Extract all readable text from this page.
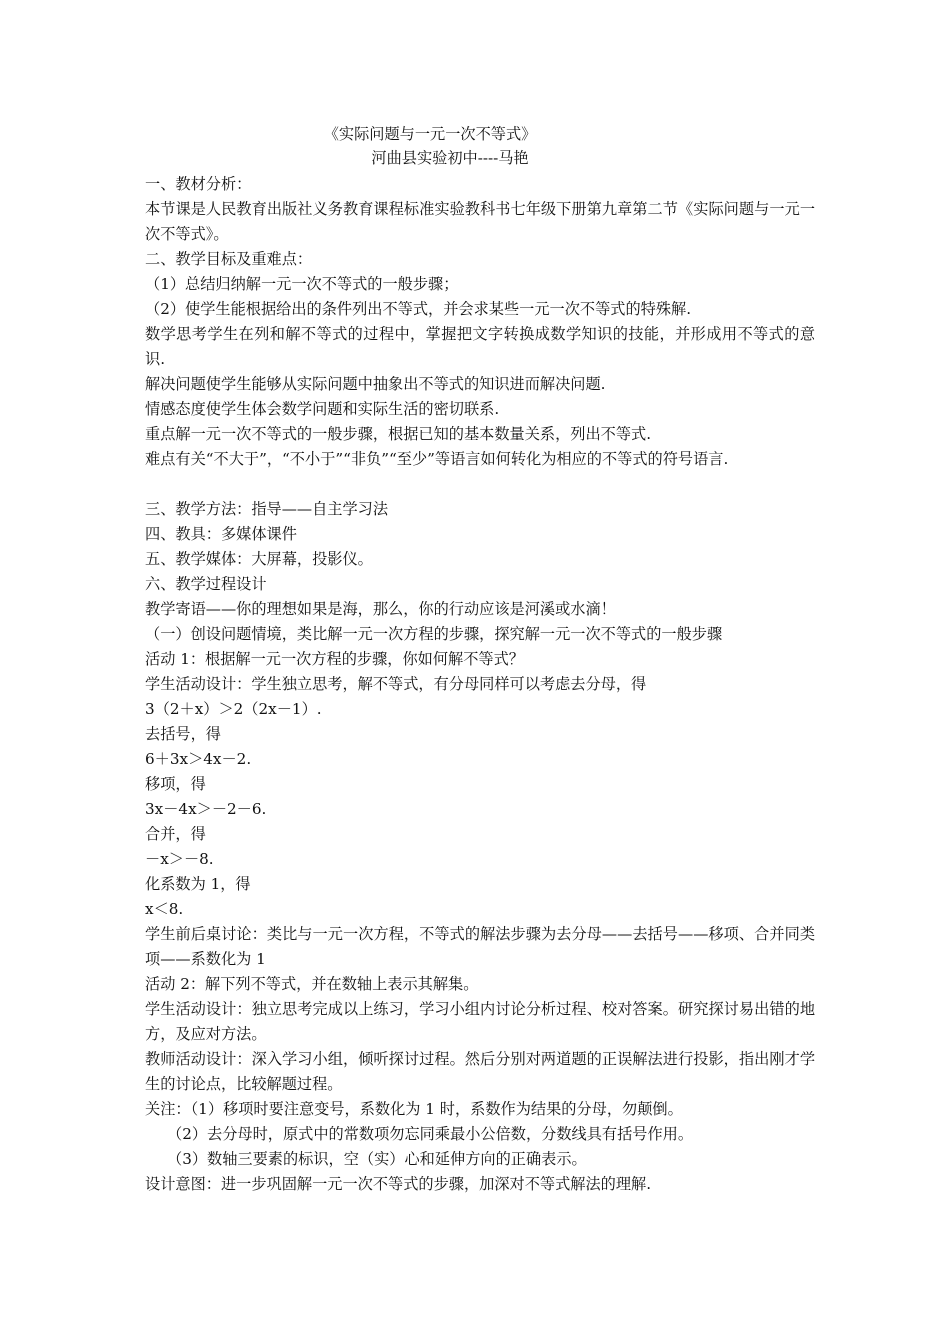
《实际问题与一元一次不等式》
河曲县实验初中----马艳

一、教材分析：

本节课是人民教育出版社义务教育课程标准实验教科书七年级下册第九章第二节《实际问题与一元一次不等式》。

二、教学目标及重难点：

（1）总结归纳解一元一次不等式的一般步骤；

（2）使学生能根据给出的条件列出不等式，并会求某些一元一次不等式的特殊解.

数学思考学生在列和解不等式的过程中，掌握把文字转换成数学知识的技能，并形成用不等式的意识.

解决问题使学生能够从实际问题中抽象出不等式的知识进而解决问题.

情感态度使学生体会数学问题和实际生活的密切联系.

重点解一元一次不等式的一般步骤，根据已知的基本数量关系，列出不等式.

难点有关“不大于”，“不小于”“非负”“至少”等语言如何转化为相应的不等式的符号语言.

三、教学方法：指导——自主学习法

四、教具：多媒体课件

五、教学媒体：大屏幕，投影仪。

六、教学过程设计

教学寄语——你的理想如果是海，那么，你的行动应该是河溪或水滴！

（一）创设问题情境，类比解一元一次方程的步骤，探究解一元一次不等式的一般步骤

活动 1：根据解一元一次方程的步骤，你如何解不等式？

学生活动设计：学生独立思考，解不等式，有分母同样可以考虑去分母，得

3（2＋x）＞2（2x－1）.

去括号，得

6＋3x＞4x－2.

移项，得

3x－4x＞－2－6.

合并，得

－x＞－8.

化系数为 1，得

x＜8.

学生前后桌讨论：类比与一元一次方程，不等式的解法步骤为去分母——去括号——移项、合并同类项——系数化为 1

活动 2：解下列不等式，并在数轴上表示其解集。

学生活动设计：独立思考完成以上练习，学习小组内讨论分析过程、校对答案。研究探讨易出错的地方，及应对方法。

教师活动设计：深入学习小组，倾听探讨过程。然后分别对两道题的正误解法进行投影，指出刚才学生的讨论点，比较解题过程。

关注：（1）移项时要注意变号，系数化为 1 时，系数作为结果的分母，勿颠倒。

（2）去分母时，原式中的常数项勿忘同乘最小公倍数，分数线具有括号作用。

（3）数轴三要素的标识，空（实）心和延伸方向的正确表示。

设计意图：进一步巩固解一元一次不等式的步骤，加深对不等式解法的理解.
